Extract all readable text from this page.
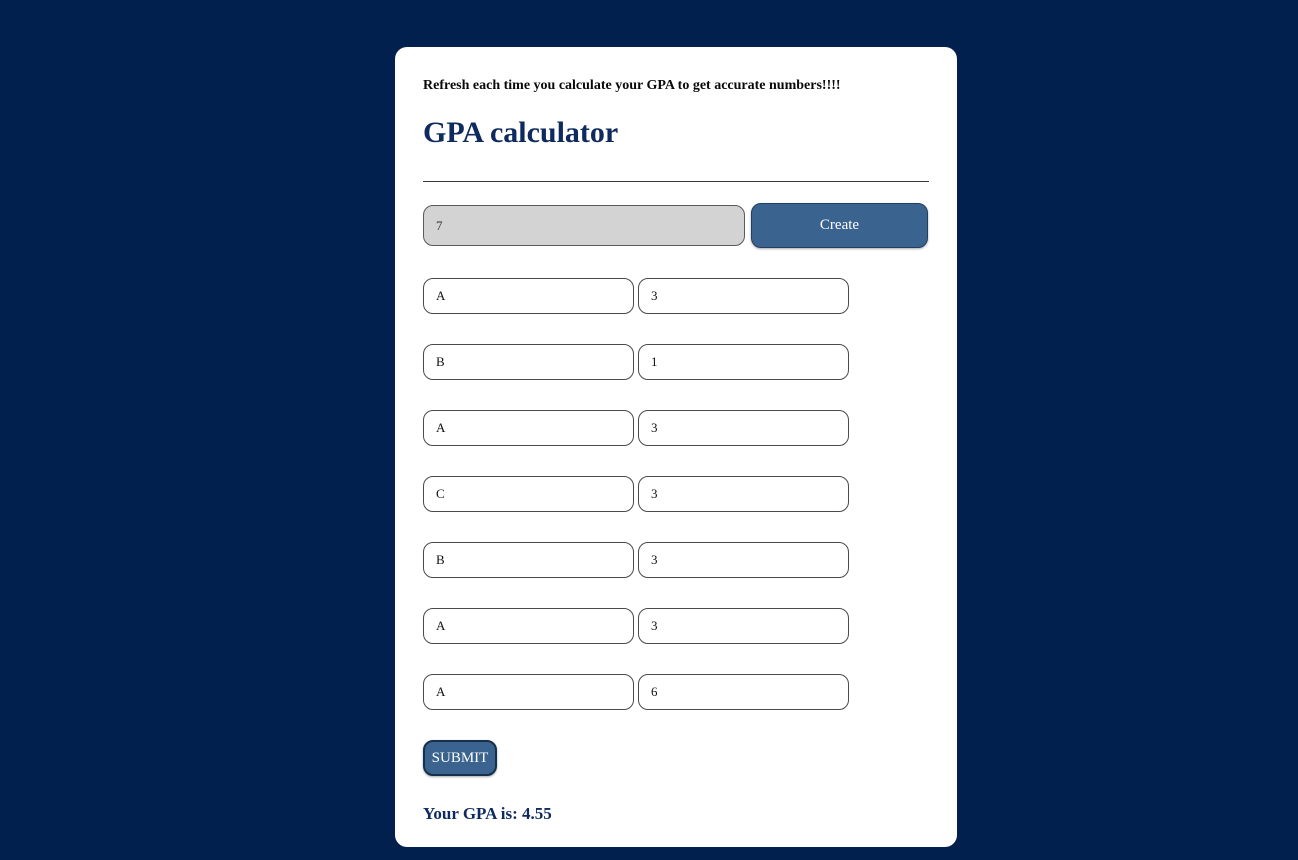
Refresh each time you calculate your GPA to get accurate numbers!!!!

GPA calculator
7
Create
A
3
B
1
A
3
C
3
B
3
A
3
A
6
SUBMIT

Your GPA is: 4.55
